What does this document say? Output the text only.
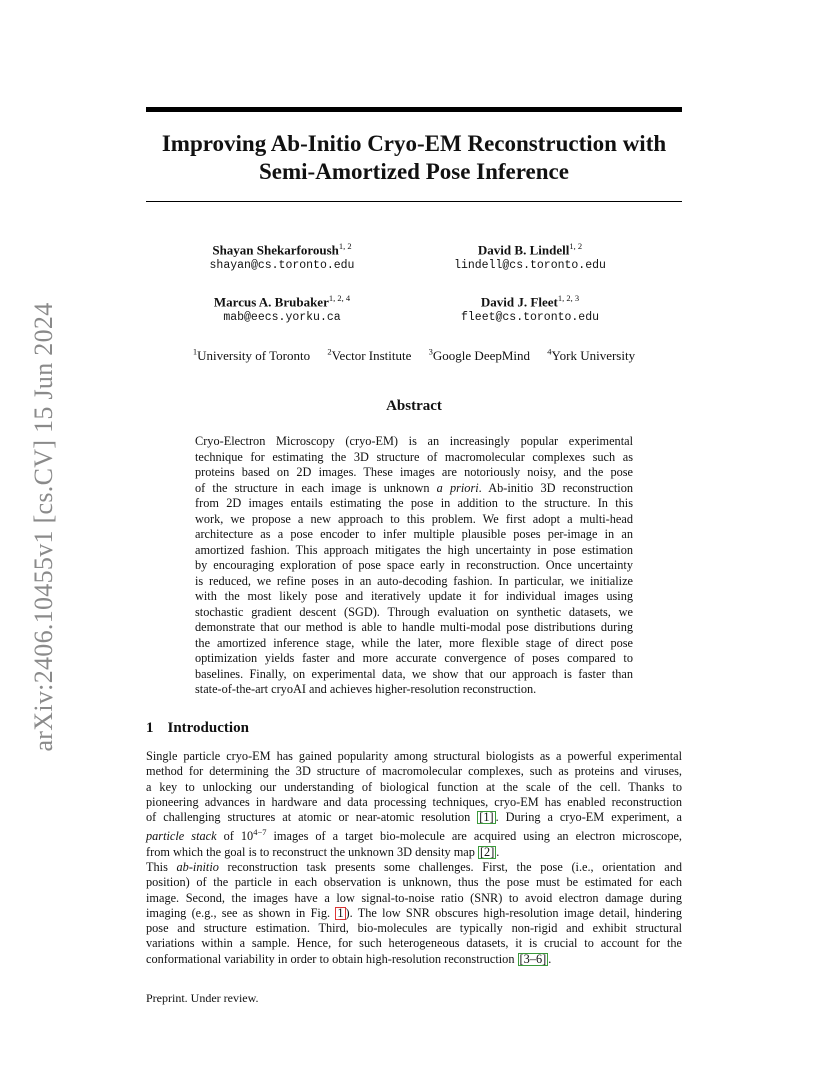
arXiv:2406.10455v1 [cs.CV] 15 Jun 2024
Improving Ab-Initio Cryo-EM Reconstruction with
Semi-Amortized Pose Inference
Shayan Shekarforoush$^{1, 2}$
shayan@cs.toronto.edu
David B. Lindell$^{1, 2}$
lindell@cs.toronto.edu
Marcus A. Brubaker$^{1, 2, 4}$
mab@eecs.yorku.ca
David J. Fleet$^{1, 2, 3}$
fleet@cs.toronto.edu
$^1$University of Toronto $^2$Vector Institute $^3$Google DeepMind $^4$York University
Abstract
Cryo-Electron Microscopy (cryo-EM) is an increasingly popular experimental
technique for estimating the 3D structure of macromolecular complexes such as
proteins based on 2D images. These images are notoriously noisy, and the pose
of the structure in each image is unknown a priori. Ab-initio 3D reconstruction
from 2D images entails estimating the pose in addition to the structure. In this
work, we propose a new approach to this problem. We first adopt a multi-head
architecture as a pose encoder to infer multiple plausible poses per-image in an
amortized fashion. This approach mitigates the high uncertainty in pose estimation
by encouraging exploration of pose space early in reconstruction. Once uncertainty
is reduced, we refine poses in an auto-decoding fashion. In particular, we initialize
with the most likely pose and iteratively update it for individual images using
stochastic gradient descent (SGD). Through evaluation on synthetic datasets, we
demonstrate that our method is able to handle multi-modal pose distributions during
the amortized inference stage, while the later, more flexible stage of direct pose
optimization yields faster and more accurate convergence of poses compared to
baselines. Finally, on experimental data, we show that our approach is faster than
state-of-the-art cryoAI and achieves higher-resolution reconstruction.
1 Introduction
Single particle cryo-EM has gained popularity among structural biologists as a powerful experimental
method for determining the 3D structure of macromolecular complexes, such as proteins and viruses,
a key to unlocking our understanding of biological function at the scale of the cell. Thanks to
pioneering advances in hardware and data processing techniques, cryo-EM has enabled reconstruction
of challenging structures at atomic or near-atomic resolution [1] . During a cryo-EM experiment, a
particle stack of $10^{4-7}$ images of a target bio-molecule are acquired using an electron microscope,
from which the goal is to reconstruct the unknown 3D density map [2] .
This ab-initio reconstruction task presents some challenges. First, the pose (i.e., orientation and
position) of the particle in each observation is unknown, thus the pose must be estimated for each
image. Second, the images have a low signal-to-noise ratio (SNR) to avoid electron damage during
imaging (e.g., see as shown in Fig. 1 ). The low SNR obscures high-resolution image detail, hindering
pose and structure estimation. Third, bio-molecules are typically non-rigid and exhibit structural
variations within a sample. Hence, for such heterogeneous datasets, it is crucial to account for the
conformational variability in order to obtain high-resolution reconstruction [3–6] .
Preprint. Under review.
